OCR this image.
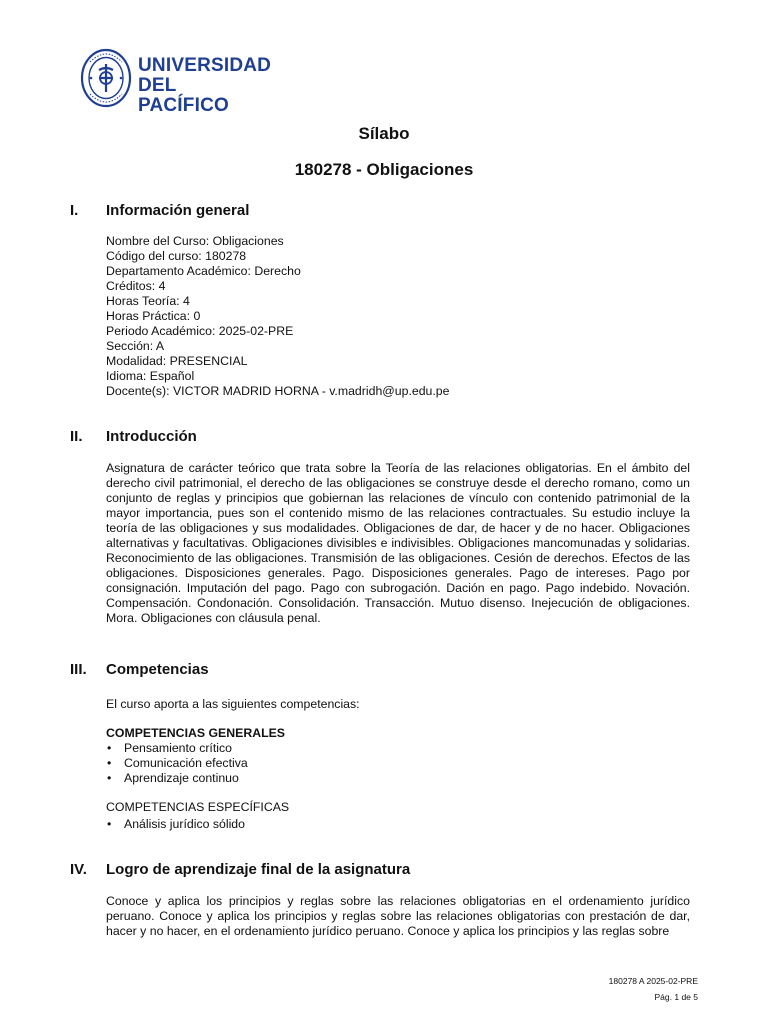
UNIVERSIDAD
DEL PACÍFICO
Sílabo
180278 - Obligaciones
I. Información general
Nombre del Curso: Obligaciones
Código del curso: 180278
Departamento Académico: Derecho
Créditos: 4
Horas Teoría: 4
Horas Práctica: 0
Periodo Académico: 2025-02-PRE
Sección: A
Modalidad: PRESENCIAL
Idioma: Español
Docente(s): VICTOR MADRID HORNA - v.madridh@up.edu.pe
II. Introducción
Asignatura de carácter teórico que trata sobre la Teoría de las relaciones obligatorias. En el ámbito del derecho civil patrimonial, el derecho de las obligaciones se construye desde el derecho romano, como un conjunto de reglas y principios que gobiernan las relaciones de vínculo con contenido patrimonial de la mayor importancia, pues son el contenido mismo de las relaciones contractuales. Su estudio incluye la teoría de las obligaciones y sus modalidades. Obligaciones de dar, de hacer y de no hacer. Obligaciones alternativas y facultativas. Obligaciones divisibles e indivisibles. Obligaciones mancomunadas y solidarias. Reconocimiento de las obligaciones. Transmisión de las obligaciones. Cesión de derechos. Efectos de las obligaciones. Disposiciones generales. Pago. Disposiciones generales. Pago de intereses. Pago por consignación. Imputación del pago. Pago con subrogación. Dación en pago. Pago indebido. Novación. Compensación. Condonación. Consolidación. Transacción. Mutuo disenso. Inejecución de obligaciones. Mora. Obligaciones con cláusula penal.
III. Competencias
El curso aporta a las siguientes competencias:
COMPETENCIAS GENERALES
• Pensamiento crítico
• Comunicación efectiva
• Aprendizaje continuo
COMPETENCIAS ESPECÍFICAS
• Análisis jurídico sólido
IV. Logro de aprendizaje final de la asignatura
Conoce y aplica los principios y reglas sobre las relaciones obligatorias en el ordenamiento jurídico peruano. Conoce y aplica los principios y reglas sobre las relaciones obligatorias con prestación de dar, hacer y no hacer, en el ordenamiento jurídico peruano. Conoce y aplica los principios y las reglas sobre
180278 A 2025-02-PRE
Pág. 1 de 5
